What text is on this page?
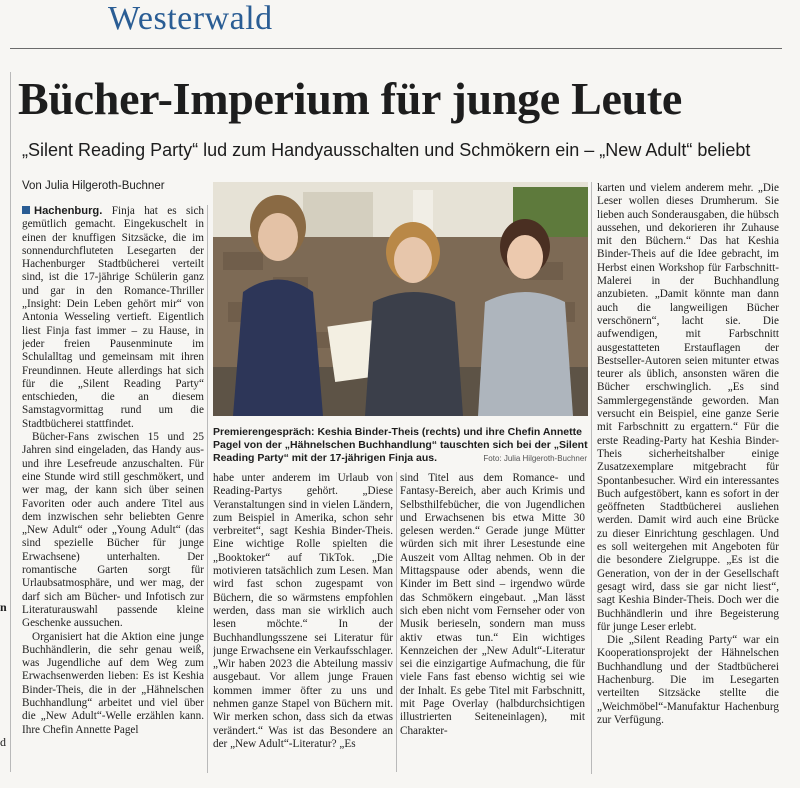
Westerwald
Bücher-Imperium für junge Leute
„Silent Reading Party“ lud zum Handyausschalten und Schmökern ein – „New Adult“ beliebt
Von Julia Hilgeroth-Buchner
n
d

Hachenburg. Finja hat es sich gemütlich gemacht. Eingekuschelt in einen der knuffigen Sitzsäcke, die im sonnendurchfluteten Lesegarten der Hachenburger Stadtbücherei verteilt sind, ist die 17-jährige Schülerin ganz und gar in den Romance-Thriller „Insight: Dein Leben gehört mir“ von Antonia Wesseling vertieft. Eigentlich liest Finja fast immer – zu Hause, in jeder freien Pausenminute im Schulalltag und gemeinsam mit ihren Freundinnen. Heute allerdings hat sich für die „Silent Reading Party“ entschieden, die an diesem Samstagvormittag rund um die Stadtbücherei stattfindet.

Bücher-Fans zwischen 15 und 25 Jahren sind eingeladen, das Handy aus- und ihre Lesefreude anzuschalten. Für eine Stunde wird still geschmökert, und wer mag, der kann sich über seinen Favoriten oder auch andere Titel aus dem inzwischen sehr beliebten Genre „New Adult“ oder „Young Adult“ (das sind spezielle Bücher für junge Erwachsene) unterhalten. Der romantische Garten sorgt für Urlaubsatmosphäre, und wer mag, der darf sich am Bücher- und Infotisch zur Literaturauswahl passende kleine Geschenke aussuchen.

Organisiert hat die Aktion eine junge Buchhändlerin, die sehr genau weiß, was Jugendliche auf dem Weg zum Erwachsenwerden lieben: Es ist Keshia Binder-Theis, die in der „Hähnelschen Buchhandlung“ arbeitet und viel über die „New Adult“-Welle erzählen kann. Ihre Chefin Annette Pagel

Premierengespräch: Keshia Binder-Theis (rechts) und ihre Chefin Annette Pagel von der „Hähnelschen Buchhandlung“ tauschten sich bei der „Silent Reading Party“ mit der 17-jährigen Finja aus.	Foto: Julia Hilgeroth-Buchner

habe unter anderem im Urlaub von Reading-Partys gehört. „Diese Veranstaltungen sind in vielen Ländern, zum Beispiel in Amerika, schon sehr verbreitet“, sagt Keshia Binder-Theis. Eine wichtige Rolle spielten die „Booktoker“ auf TikTok. „Die motivieren tatsächlich zum Lesen. Man wird fast schon zugespamt von Büchern, die so wärmstens empfohlen werden, dass man sie wirklich auch lesen möchte.“ In der Buchhandlungsszene sei Literatur für junge Erwachsene ein Verkaufsschlager. „Wir haben 2023 die Abteilung massiv ausgebaut. Vor allem junge Frauen kommen immer öfter zu uns und nehmen ganze Stapel von Büchern mit. Wir merken schon, dass sich da etwas verändert.“ Was ist das Besondere an der „New Adult“-Literatur? „Es

sind Titel aus dem Romance- und Fantasy-Bereich, aber auch Krimis und Selbsthilfebücher, die von Jugendlichen und Erwachsenen bis etwa Mitte 30 gelesen werden.“ Gerade junge Mütter würden sich mit ihrer Lesestunde eine Auszeit vom Alltag nehmen. Ob in der Mittagspause oder abends, wenn die Kinder im Bett sind – irgendwo würde das Schmökern eingebaut. „Man lässt sich eben nicht vom Fernseher oder von Musik berieseln, sondern man muss aktiv etwas tun.“ Ein wichtiges Kennzeichen der „New Adult“-Literatur sei die einzigartige Aufmachung, die für viele Fans fast ebenso wichtig sei wie der Inhalt. Es gebe Titel mit Farbschnitt, mit Page Overlay (halbdurchsichtigen illustrierten Seiteneinlagen), mit Charakter-

karten und vielem anderem mehr. „Die Leser wollen dieses Drumherum. Sie lieben auch Sonderausgaben, die hübsch aussehen, und dekorieren ihr Zuhause mit den Büchern.“ Das hat Keshia Binder-Theis auf die Idee gebracht, im Herbst einen Workshop für Farbschnitt-Malerei in der Buchhandlung anzubieten. „Damit könnte man dann auch die langweiligen Bücher verschönern“, lacht sie. Die aufwendigen, mit Farbschnitt ausgestatteten Erstauflagen der Bestseller-Autoren seien mitunter etwas teurer als üblich, ansonsten wären die Bücher erschwinglich. „Es sind Sammlergegenstände geworden. Man versucht ein Beispiel, eine ganze Serie mit Farbschnitt zu ergattern.“ Für die erste Reading-Party hat Keshia Binder-Theis sicherheitshalber einige Zusatzexemplare mitgebracht für Spontanbesucher. Wird ein interessantes Buch aufgestöbert, kann es sofort in der geöffneten Stadtbücherei ausliehen werden. Damit wird auch eine Brücke zu dieser Einrichtung geschlagen. Und es soll weitergehen mit Angeboten für die besondere Zielgruppe. „Es ist die Generation, von der in der Gesellschaft gesagt wird, dass sie gar nicht liest“, sagt Keshia Binder-Theis. Doch wer die Buchhändlerin und ihre Begeisterung für junge Leser erlebt.

Die „Silent Reading Party“ war ein Kooperationsprojekt der Hähnelschen Buchhandlung und der Stadtbücherei Hachenburg. Die im Lesegarten verteilten Sitzsäcke stellte die „Weichmöbel“-Manufaktur Hachenburg zur Verfügung.
